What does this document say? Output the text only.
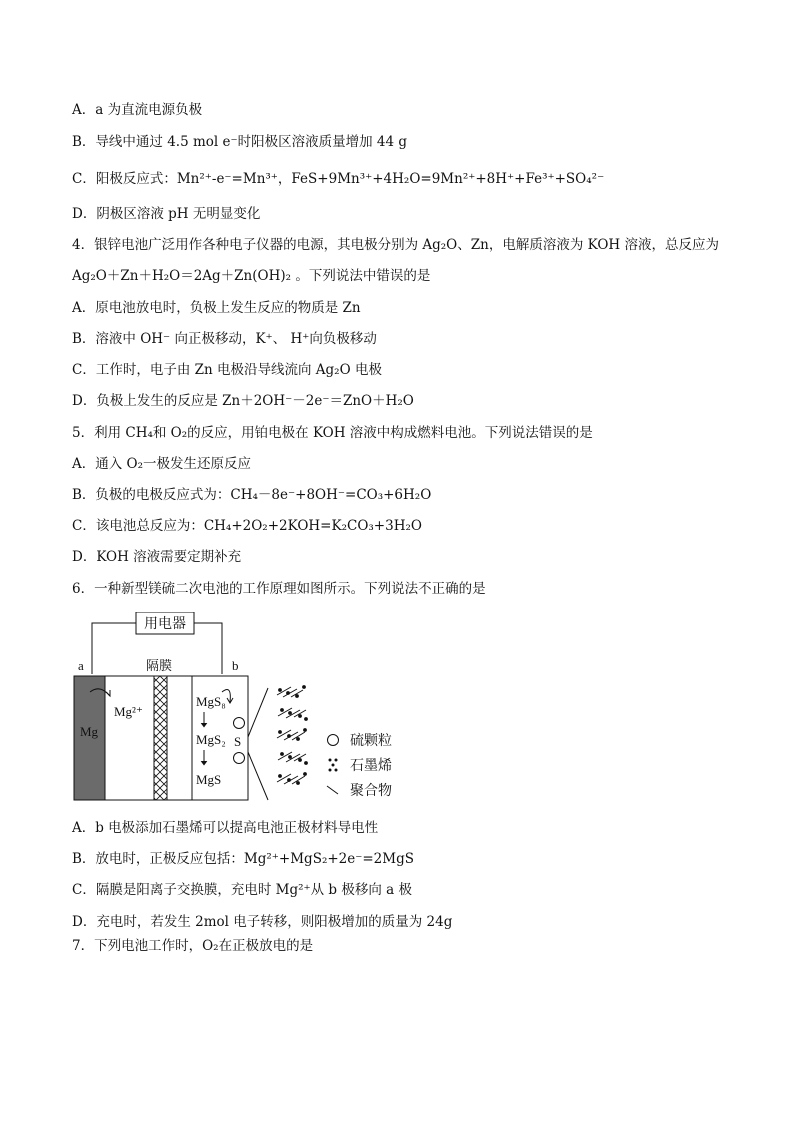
A．a 为直流电源负极
B．导线中通过 4.5 mol e⁻时阳极区溶液质量增加 44 g
C．阳极反应式：Mn²⁺-e⁻=Mn³⁺，FeS+9Mn³⁺+4H₂O=9Mn²⁺+8H⁺+Fe³⁺+SO₄²⁻
D．阴极区溶液 pH 无明显变化
4．银锌电池广泛用作各种电子仪器的电源，其电极分别为 Ag₂O、Zn，电解质溶液为 KOH 溶液，总反应为
Ag₂O＋Zn＋H₂O＝2Ag＋Zn(OH)₂ 。下列说法中错误的是
A．原电池放电时，负极上发生反应的物质是 Zn
B．溶液中 OH⁻ 向正极移动，K⁺、 H⁺向负极移动
C．工作时，电子由 Zn 电极沿导线流向 Ag₂O 电极
D．负极上发生的反应是 Zn＋2OH⁻－2e⁻＝ZnO＋H₂O
5．利用 CH₄和 O₂的反应，用铂电极在 KOH 溶液中构成燃料电池。下列说法错误的是
A．通入 O₂一极发生还原反应
B．负极的电极反应式为：CH₄－8e⁻+8OH⁻=CO₃+6H₂O
C．该电池总反应为：CH₄+2O₂+2KOH=K₂CO₃+3H₂O
D．KOH 溶液需要定期补充
6．一种新型镁硫二次电池的工作原理如图所示。下列说法不正确的是
用电器
a	b
隔膜
Mg
Mg²⁺
MgS₈
MgS₂
MgS
S	硫颗粒
石墨烯
聚合物
A．b 电极添加石墨烯可以提高电池正极材料导电性
B．放电时，正极反应包括：Mg²⁺+MgS₂+2e⁻=2MgS
C．隔膜是阳离子交换膜，充电时 Mg²⁺从 b 极移向 a 极
D．充电时，若发生 2mol 电子转移，则阳极增加的质量为 24g
7．下列电池工作时，O₂在正极放电的是
